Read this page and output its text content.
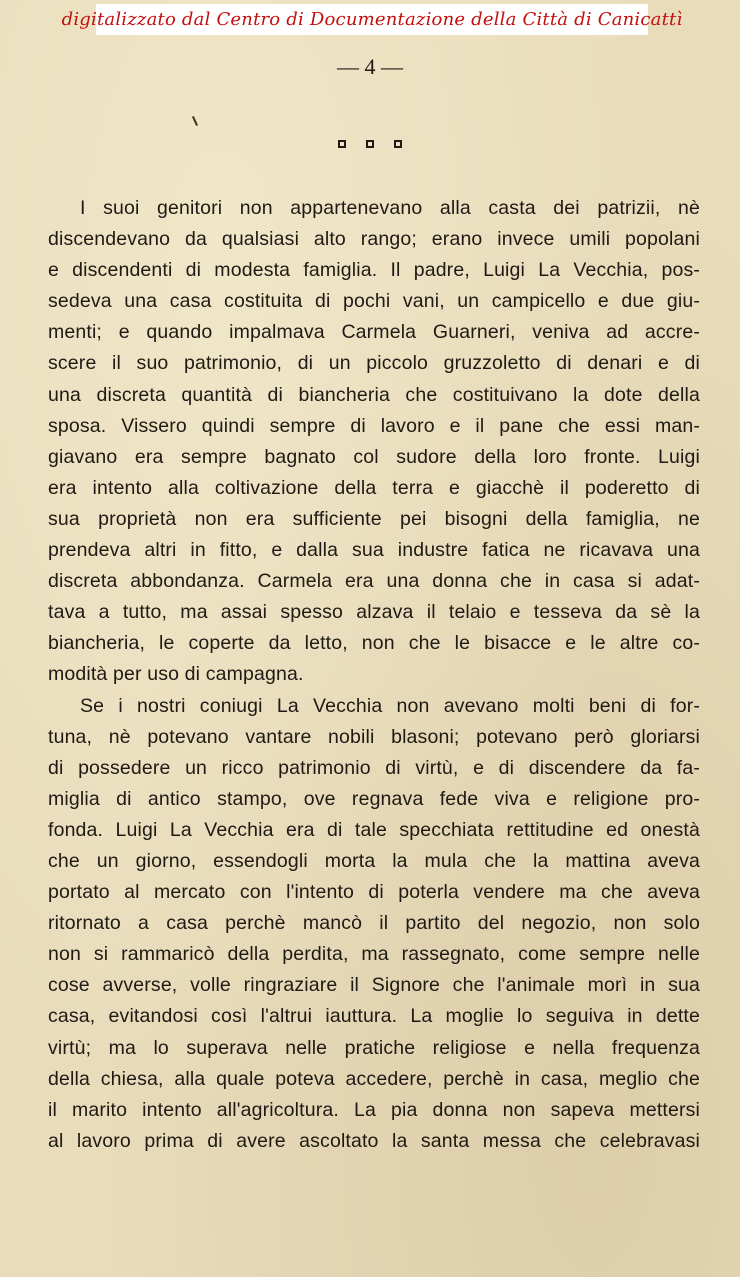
digitalizzato dal Centro di Documentazione della Città di Canicattì
— 4 —
I suoi genitori non appartenevano alla casta dei patrizii, nè
discendevano da qualsiasi alto rango; erano invece umili popolani
e discendenti di modesta famiglia. Il padre, Luigi La Vecchia, pos-
sedeva una casa costituita di pochi vani, un campicello e due giu-
menti; e quando impalmava Carmela Guarneri, veniva ad accre-
scere il suo patrimonio, di un piccolo gruzzoletto di denari e di
una discreta quantità di biancheria che costituivano la dote della
sposa. Vissero quindi sempre di lavoro e il pane che essi man-
giavano era sempre bagnato col sudore della loro fronte. Luigi
era intento alla coltivazione della terra e giacchè il poderetto di
sua proprietà non era sufficiente pei bisogni della famiglia, ne
prendeva altri in fitto, e dalla sua industre fatica ne ricavava una
discreta abbondanza. Carmela era una donna che in casa si adat-
tava a tutto, ma assai spesso alzava il telaio e tesseva da sè la
biancheria, le coperte da letto, non che le bisacce e le altre co-
modità per uso di campagna.
Se i nostri coniugi La Vecchia non avevano molti beni di for-
tuna, nè potevano vantare nobili blasoni; potevano però gloriarsi
di possedere un ricco patrimonio di virtù, e di discendere da fa-
miglia di antico stampo, ove regnava fede viva e religione pro-
fonda. Luigi La Vecchia era di tale specchiata rettitudine ed onestà
che un giorno, essendogli morta la mula che la mattina aveva
portato al mercato con l'intento di poterla vendere ma che aveva
ritornato a casa perchè mancò il partito del negozio, non solo
non si rammaricò della perdita, ma rassegnato, come sempre nelle
cose avverse, volle ringraziare il Signore che l'animale morì in sua
casa, evitandosi così l'altrui iauttura. La moglie lo seguiva in dette
virtù; ma lo superava nelle pratiche religiose e nella frequenza
della chiesa, alla quale poteva accedere, perchè in casa, meglio che
il marito intento all'agricoltura. La pia donna non sapeva mettersi
al lavoro prima di avere ascoltato la santa messa che celebravasi
